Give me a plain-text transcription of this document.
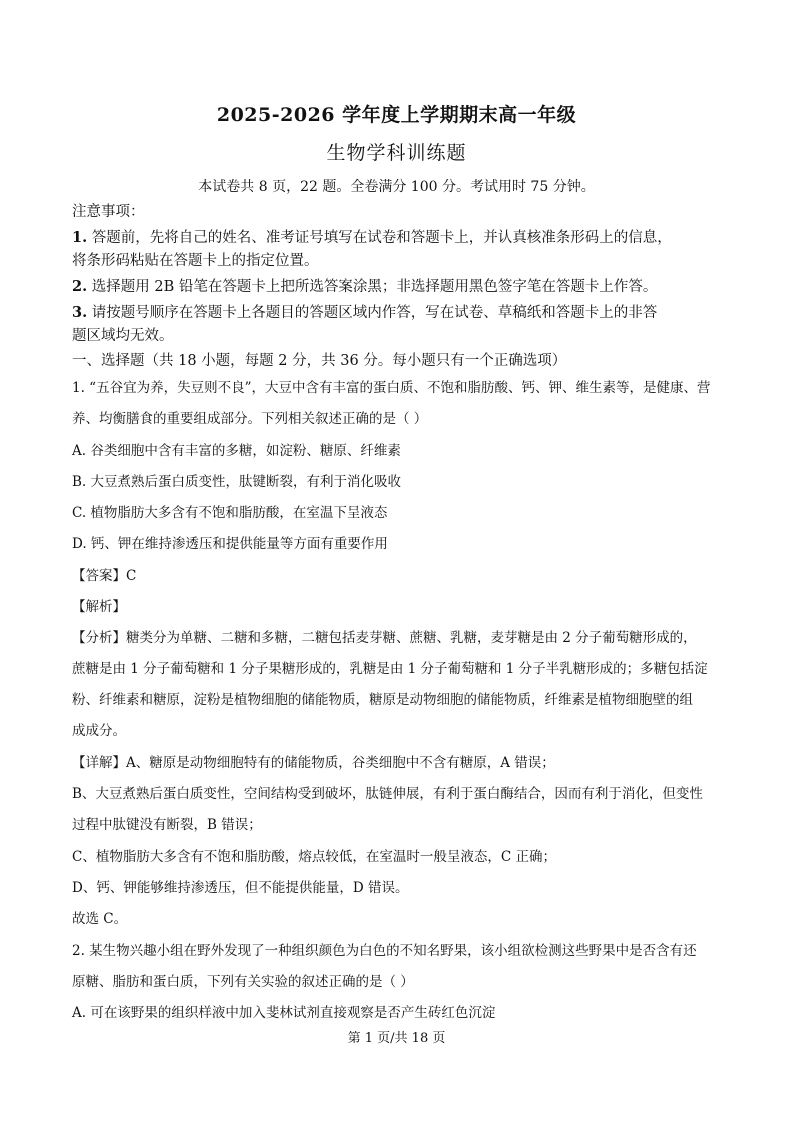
2025-2026 学年度上学期期末高一年级
生物学科训练题
本试卷共 8 页，22 题。全卷满分 100 分。考试用时 75 分钟。
注意事项：
1. 答题前，先将自己的姓名、准考证号填写在试卷和答题卡上，并认真核准条形码上的信息，
将条形码粘贴在答题卡上的指定位置。
2. 选择题用 2B 铅笔在答题卡上把所选答案涂黑；非选择题用黑色签字笔在答题卡上作答。
3. 请按题号顺序在答题卡上各题目的答题区域内作答，写在试卷、草稿纸和答题卡上的非答
题区域均无效。
一、选择题（共 18 小题，每题 2 分，共 36 分。每小题只有一个正确选项）
1. “五谷宜为养，失豆则不良”，大豆中含有丰富的蛋白质、不饱和脂肪酸、钙、钾、维生素等，是健康、营
养、均衡膳食的重要组成部分。下列相关叙述正确的是（ ）
A. 谷类细胞中含有丰富的多糖，如淀粉、糖原、纤维素
B. 大豆煮熟后蛋白质变性，肽键断裂，有利于消化吸收
C. 植物脂肪大多含有不饱和脂肪酸，在室温下呈液态
D. 钙、钾在维持渗透压和提供能量等方面有重要作用
【答案】C
【解析】
【分析】糖类分为单糖、二糖和多糖，二糖包括麦芽糖、蔗糖、乳糖，麦芽糖是由 2 分子葡萄糖形成的，
蔗糖是由 1 分子葡萄糖和 1 分子果糖形成的，乳糖是由 1 分子葡萄糖和 1 分子半乳糖形成的；多糖包括淀
粉、纤维素和糖原，淀粉是植物细胞的储能物质，糖原是动物细胞的储能物质，纤维素是植物细胞壁的组
成成分。
【详解】A、糖原是动物细胞特有的储能物质，谷类细胞中不含有糖原，A 错误；
B、大豆煮熟后蛋白质变性，空间结构受到破坏，肽链伸展，有利于蛋白酶结合，因而有利于消化，但变性
过程中肽键没有断裂，B 错误；
C、植物脂肪大多含有不饱和脂肪酸，熔点较低，在室温时一般呈液态，C 正确；
D、钙、钾能够维持渗透压，但不能提供能量，D 错误。
故选 C。
2. 某生物兴趣小组在野外发现了一种组织颜色为白色的不知名野果，该小组欲检测这些野果中是否含有还
原糖、脂肪和蛋白质，下列有关实验的叙述正确的是（ ）
A. 可在该野果的组织样液中加入斐林试剂直接观察是否产生砖红色沉淀
第 1 页/共 18 页
